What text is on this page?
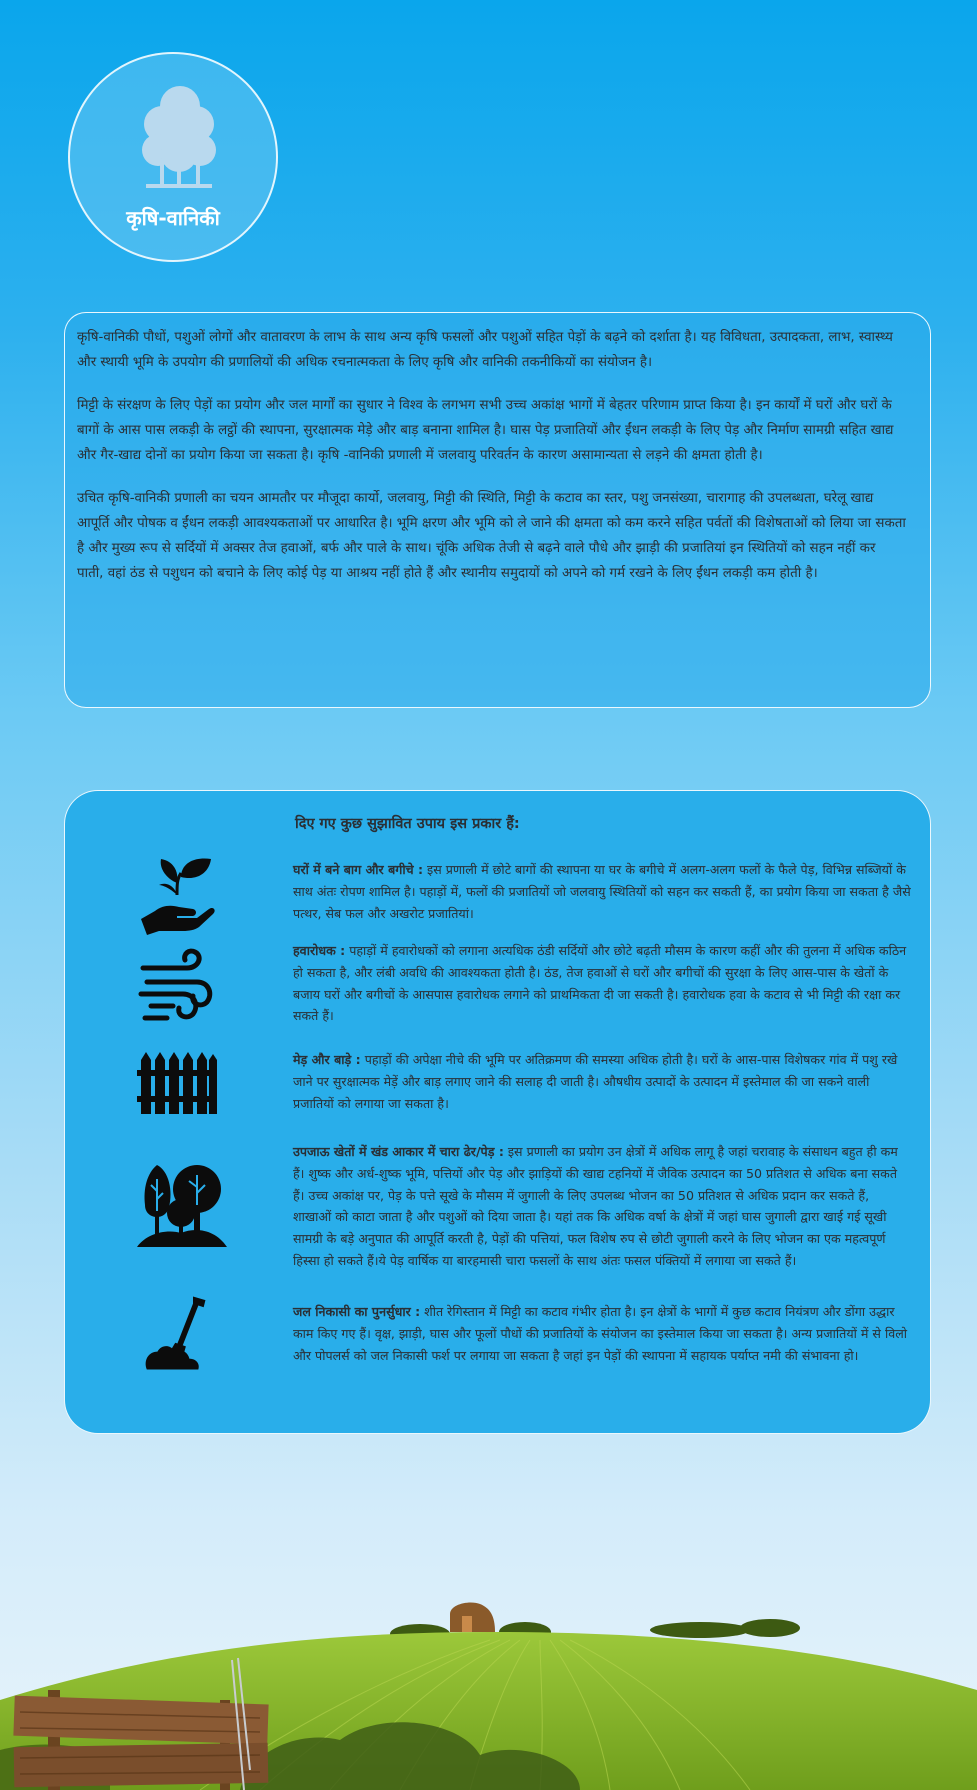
कृषि-वानिकी

कृषि-वानिकी पौधों, पशुओं लोगों और वातावरण के लाभ के साथ अन्य कृषि फसलों और पशुओं सहित पेड़ों के बढ़ने को दर्शाता है। यह विविधता, उत्पादकता, लाभ, स्वास्थ्य और स्थायी भूमि के उपयोग की प्रणालियों की अधिक रचनात्मकता के लिए कृषि और वानिकी तकनीकियों का संयोजन है।

मिट्टी के संरक्षण के लिए पेड़ों का प्रयोग और जल मार्गों का सुधार ने विश्व के लगभग सभी उच्च अकांक्ष भागों में बेहतर परिणाम प्राप्त किया है। इन कार्यों में घरों और घरों के बागों के आस पास लकड़ी के लट्ठों की स्थापना, सुरक्षात्मक मेड़े और बाड़ बनाना शामिल है। घास पेड़ प्रजातियों और ईंधन लकड़ी के लिए पेड़ और निर्माण सामग्री सहित खाद्य और गैर-खाद्य दोनों का प्रयोग किया जा सकता है। कृषि -वानिकी प्रणाली में जलवायु परिवर्तन के कारण असामान्यता से लड़ने की क्षमता होती है।

उचित कृषि-वानिकी प्रणाली का चयन आमतौर पर मौजूदा कार्यो, जलवायु, मिट्टी की स्थिति, मिट्टी के कटाव का स्तर, पशु जनसंख्या, चारागाह की उपलब्धता, घरेलू खाद्य आपूर्ति और पोषक व ईंधन लकड़ी आवश्यकताओं पर आधारित है। भूमि क्षरण और भूमि को ले जाने की क्षमता को कम करने सहित पर्वतों की विशेषताओं को लिया जा सकता है और मुख्य रूप से सर्दियों में अक्सर तेज हवाओं, बर्फ और पाले के साथ। चूंकि अधिक तेजी से बढ़ने वाले पौधे और झाड़ी की प्रजातियां इन स्थितियों को सहन नहीं कर पाती, वहां ठंड से पशुधन को बचाने के लिए कोई पेड़ या आश्रय नहीं होते हैं और स्थानीय समुदायों को अपने को गर्म रखने के लिए ईंधन लकड़ी कम होती है।

दिए गए कुछ सुझावित उपाय इस प्रकार हैं:
घरों में बने बाग और बगीचे : इस प्रणाली में छोटे बागों की स्थापना या घर के बगीचे में अलग-अलग फलों के फैले पेड़, विभिन्न सब्जियों के साथ अंतः रोपण शामिल है। पहाड़ों में, फलों की प्रजातियों जो जलवायु स्थितियों को सहन कर सकती हैं, का प्रयोग किया जा सकता है जैसे पत्थर, सेब फल और अखरोट प्रजातियां।
हवारोधक : पहाड़ों में हवारोधकों को लगाना अत्यधिक ठंडी सर्दियों और छोटे बढ़ती मौसम के कारण कहीं और की तुलना में अधिक कठिन हो सकता है, और लंबी अवधि की आवश्यकता होती है। ठंड, तेज हवाओं से घरों और बगीचों की सुरक्षा के लिए आस-पास के खेतों के बजाय घरों और बगीचों के आसपास हवारोधक लगाने को प्राथमिकता दी जा सकती है। हवारोधक हवा के कटाव से भी मिट्टी की रक्षा कर सकते हैं।
मेड़ और बाड़े : पहाड़ों की अपेक्षा नीचे की भूमि पर अतिक्रमण की समस्या अधिक होती है। घरों के आस-पास विशेषकर गांव में पशु रखे जाने पर सुरक्षात्मक मेड़ें और बाड़ लगाए जाने की सलाह दी जाती है। औषधीय उत्पादों के उत्पादन में इस्तेमाल की जा सकने वाली प्रजातियों को लगाया जा सकता है।
उपजाऊ खेतों में खंड आकार में चारा ढेर/पेड़ : इस प्रणाली का प्रयोग उन क्षेत्रों में अधिक लागू है जहां चरावाह के संसाधन बहुत ही कम हैं। शुष्क और अर्ध-शुष्क भूमि, पत्तियों और पेड़ और झाड़ियों की खाद्य टहनियों में जैविक उत्पादन का 50 प्रतिशत से अधिक बना सकते हैं। उच्च अकांक्ष पर, पेड़ के पत्ते सूखे के मौसम में जुगाली के लिए उपलब्ध भोजन का 50 प्रतिशत से अधिक प्रदान कर सकते हैं, शाखाओं को काटा जाता है और पशुओं को दिया जाता है। यहां तक कि अधिक वर्षा के क्षेत्रों में जहां घास जुगाली द्वारा खाई गई सूखी सामग्री के बड़े अनुपात की आपूर्ति करती है, पेड़ों की पत्तियां, फल विशेष रुप से छोटी जुगाली करने के लिए भोजन का एक महत्वपूर्ण हिस्सा हो सकते हैं।ये पेड़ वार्षिक या बारहमासी चारा फसलों के साथ अंतः फसल पंक्तियों में लगाया जा सकते हैं।
जल निकासी का पुनर्सुधार : शीत रेगिस्तान में मिट्टी का कटाव गंभीर होता है। इन क्षेत्रों के भागों में कुछ कटाव नियंत्रण और डोंगा उद्धार काम किए गए हैं। वृक्ष, झाड़ी, घास और फूलों पौधों की प्रजातियों के संयोजन का इस्तेमाल किया जा सकता है। अन्य प्रजातियों में से विलो और पोपलर्स को जल निकासी फर्श पर लगाया जा सकता है जहां इन पेड़ों की स्थापना में सहायक पर्याप्त नमी की संभावना हो।
